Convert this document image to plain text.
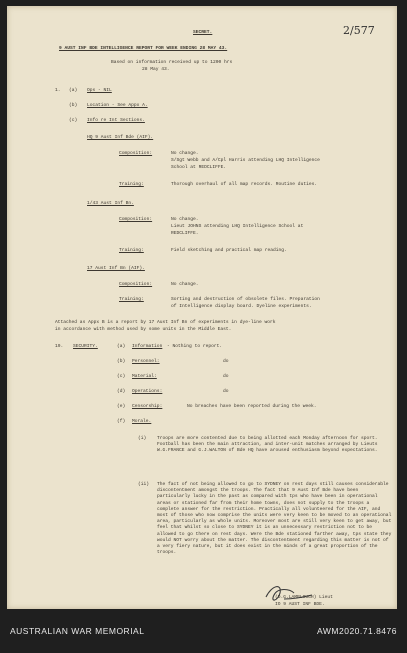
2/577
SECRET.
9 AUST INF BDE INTELLIGENCE REPORT FOR WEEK ENDING 28 MAY 43.
Based on information received up to 1200 hrs
28 May 43.
1. (a) Ops - NIL
(b) Location - See Appx A.
(c) Info re Int Sections.
HQ 9 Aust Inf Bde (AIF).
Composition:	No change.
S/Sgt Webb and A/Cpl Harris attending LHQ Intelligence
School at REDCLIFFE.
Training:	Thorough overhaul of all map records. Routine duties.
1/43 Aust Inf Bn.
Composition:	No change.
Lieut JOHNS attending LHQ Intelligence School at
REDCLIFFE.
Training:	Field sketching and practical map reading.
17 Aust Inf Bn (AIF).
Composition:	No change.
Training:	Sorting and destruction of obsolete files. Preparation
of Intelligence display board. Dyeline experiments.
Attached as Appx B is a report by 17 Aust Inf Bn of experiments in dye-line work
in accordance with method used by some units in the Middle East.
19. SECURITY.	(a) Information - Nothing to report.
(b) Personnel:	do
(c) Material:	do
(d) Operations:	do
(e) Censorship:	No breaches have been reported during the week.
(f) Morale.
(i) Troops are more contented due to being allotted each Monday afternoon for sport. Football has been the main attraction, and inter-unit matches arranged by Lieuts W.G.FRANCE and G.J.WALTON of Bde HQ have aroused enthusiasm beyond expectations.
(ii) The fact of not being allowed to go to SYDNEY on rest days still causes considerable discontentment amongst the troops. The fact that 9 Aust Inf Bde have been particularly lucky in the past as compared with tps who have been in operational areas or stationed far from their home towns, does not supply to the troops a complete answer for the restriction. Practically all volunteered for the AIF, and most of those who now comprise the units were very keen to be moved to an operational area, particularly as whole units. Moreover most are still very keen to get away, but feel that whilst so close to SYDNEY it is an unnecessary restriction not to be allowed to go there on rest days. Were the Bde stationed farther away, tps state they would NOT worry about the matter. The discontentment regarding this matter is not of a very fiery nature, but it does exist in the minds of a great proportion of the troops.
(D.G.LAMPLOUGH) Lieut
IO 9 AUST INF BDE.
AUSTRALIAN WAR MEMORIAL	AWM2020.71.8476
